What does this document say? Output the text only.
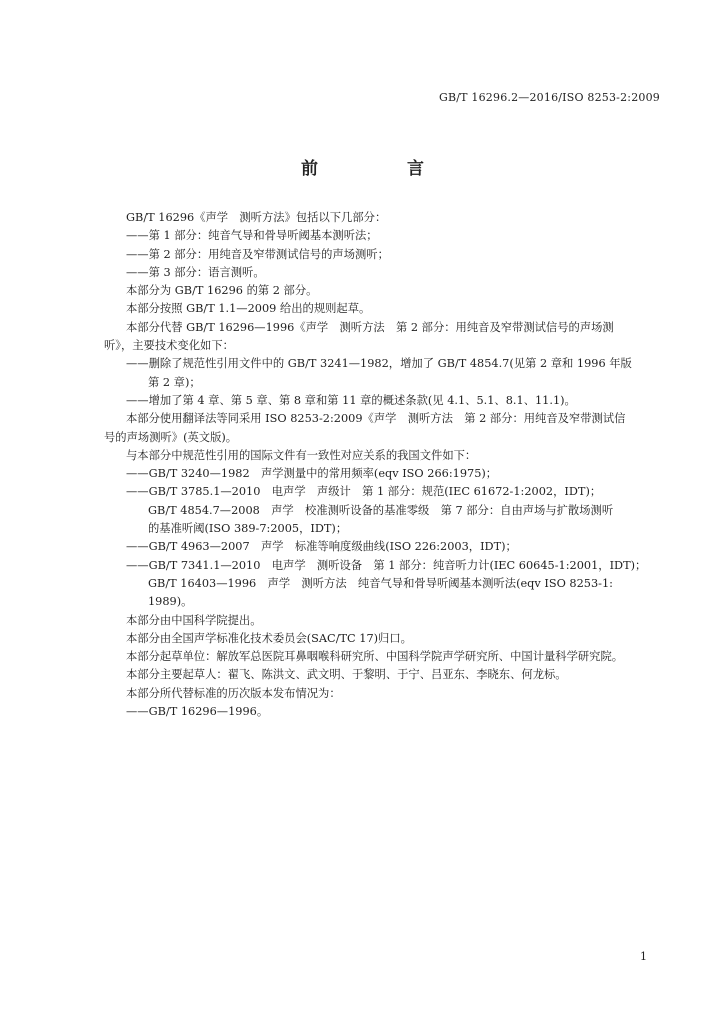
GB/T 16296.2—2016/ISO 8253-2:2009
前　言
GB/T 16296《声学　测听方法》包括以下几部分：
——第 1 部分：纯音气导和骨导听阈基本测听法；
——第 2 部分：用纯音及窄带测试信号的声场测听；
——第 3 部分：语言测听。
本部分为 GB/T 16296 的第 2 部分。
本部分按照 GB/T 1.1—2009 给出的规则起草。
本部分代替 GB/T 16296—1996《声学　测听方法　第 2 部分：用纯音及窄带测试信号的声场测
听》，主要技术变化如下：
——删除了规范性引用文件中的 GB/T 3241—1982，增加了 GB/T 4854.7(见第 2 章和 1996 年版
第 2 章)；
——增加了第 4 章、第 5 章、第 8 章和第 11 章的概述条款(见 4.1、5.1、8.1、11.1)。
本部分使用翻译法等同采用 ISO 8253-2:2009《声学　测听方法　第 2 部分：用纯音及窄带测试信
号的声场测听》(英文版)。
与本部分中规范性引用的国际文件有一致性对应关系的我国文件如下：
——GB/T 3240—1982　声学测量中的常用频率(eqv ISO 266:1975)；
——GB/T 3785.1—2010　电声学　声级计　第 1 部分：规范(IEC 61672-1:2002，IDT)；
GB/T 4854.7—2008　声学　校准测听设备的基准零级　第 7 部分：自由声场与扩散场测听
的基准听阈(ISO 389-7:2005，IDT)；
——GB/T 4963—2007　声学　标准等响度级曲线(ISO 226:2003，IDT)；
——GB/T 7341.1—2010　电声学　测听设备　第 1 部分：纯音听力计(IEC 60645-1:2001，IDT)；
GB/T 16403—1996　声学　测听方法　纯音气导和骨导听阈基本测听法(eqv ISO 8253-1:
1989)。
本部分由中国科学院提出。
本部分由全国声学标准化技术委员会(SAC/TC 17)归口。
本部分起草单位：解放军总医院耳鼻咽喉科研究所、中国科学院声学研究所、中国计量科学研究院。
本部分主要起草人：翟飞、陈洪文、武文明、于黎明、于宁、吕亚东、李晓东、何龙标。
本部分所代替标准的历次版本发布情况为：
——GB/T 16296—1996。
1
